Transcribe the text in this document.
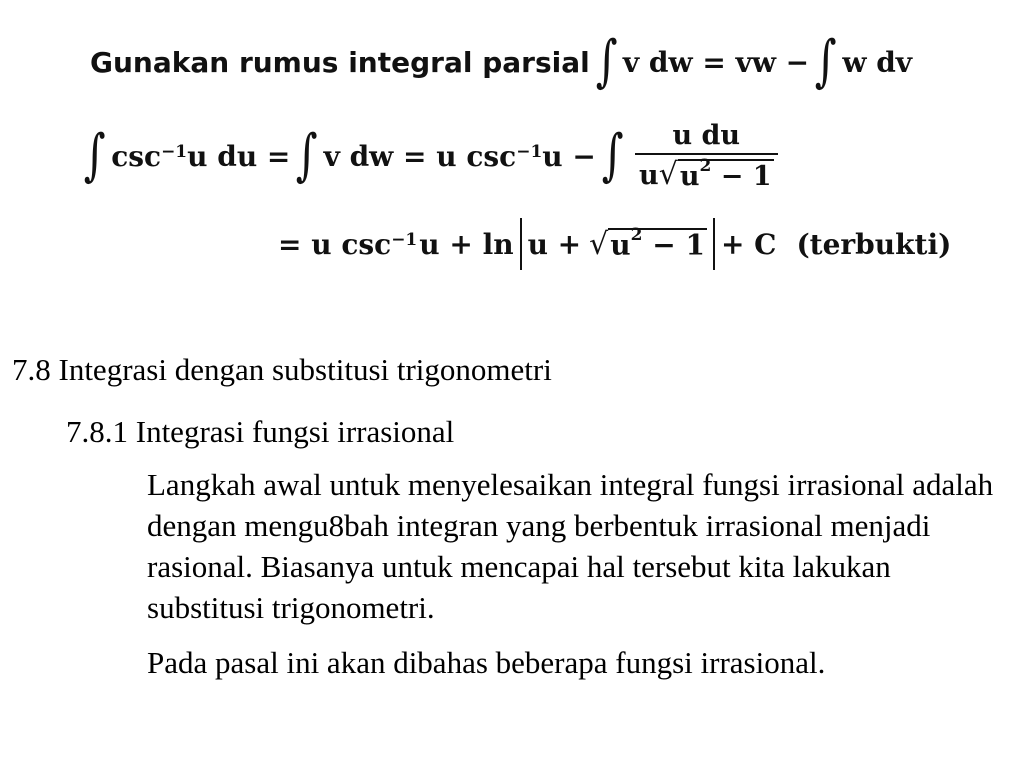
Gunakan rumus integral parsial ∫ v dw = vw − ∫ w dv
∫ csc −1 u du = ∫ v dw = u csc −1 u − ∫ $\frac{\text{u du}}{u √ u^2 - 1}$
= u csc −1 u + ln u + √ $u^2 - 1 + C$ (terbukti)
7.8 Integrasi dengan substitusi trigonometri
7.8.1 Integrasi fungsi irrasional
Langkah awal untuk menyelesaikan integral fungsi irrasional adalah dengan mengu8bah integran yang berbentuk irrasional menjadi rasional. Biasanya untuk mencapai hal tersebut kita lakukan substitusi trigonometri.
Pada pasal ini akan dibahas beberapa fungsi irrasional.
